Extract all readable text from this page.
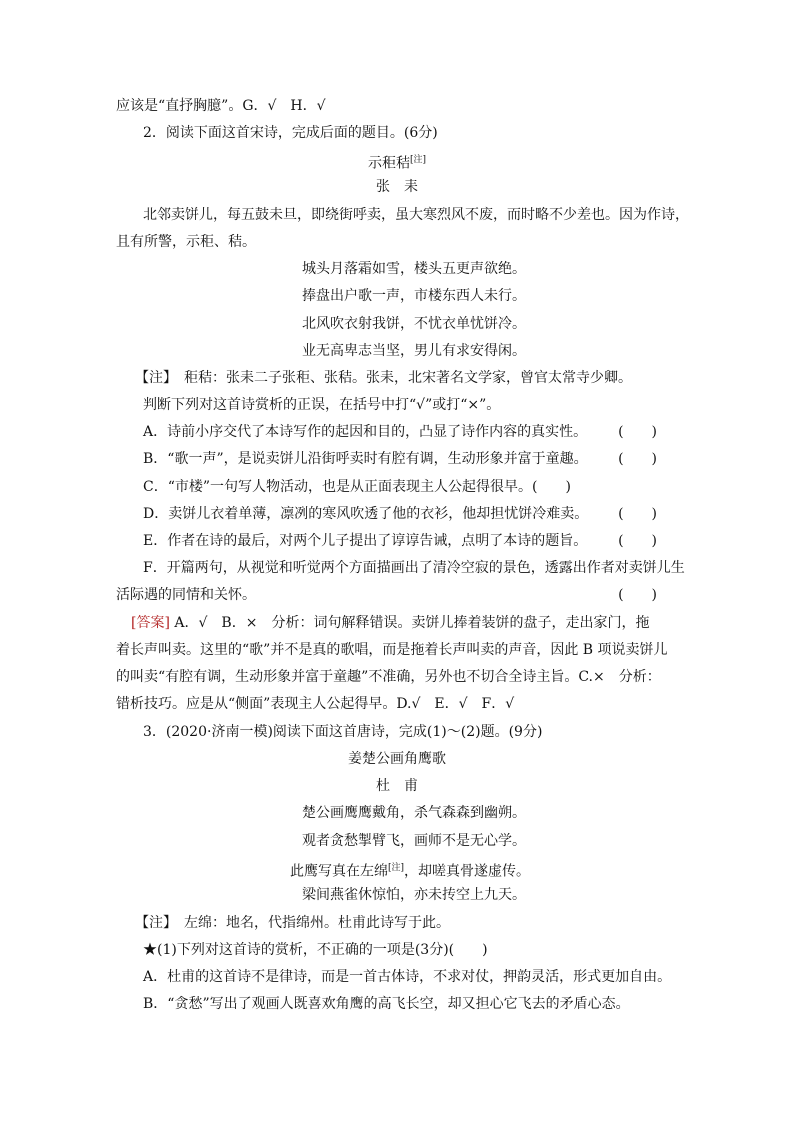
应该是“直抒胸臆”。G．√　H．√
2．阅读下面这首宋诗，完成后面的题目。(6分)
示秬秸[注]
张　耒
北邻卖饼儿，每五鼓未旦，即绕街呼卖，虽大寒烈风不废，而时略不少差也。因为作诗，
且有所警，示秬、秸。
城头月落霜如雪，楼头五更声欲绝。
捧盘出户歌一声，市楼东西人未行。
北风吹衣射我饼，不忧衣单忧饼冷。
业无高卑志当坚，男儿有求安得闲。
【注】　秬秸：张耒二子张秬、张秸。张耒，北宋著名文学家，曾官太常寺少卿。
判断下列对这首诗赏析的正误，在括号中打“√”或打“×”。
A．诗前小序交代了本诗写作的起因和目的，凸显了诗作内容的真实性。 (　　)
B．“歌一声”，是说卖饼儿沿街呼卖时有腔有调，生动形象并富于童趣。 (　　)
C．“市楼”一句写人物活动，也是从正面表现主人公起得很早。(　　)
D．卖饼儿衣着单薄，凛冽的寒风吹透了他的衣衫，他却担忧饼冷难卖。 (　　)
E．作者在诗的最后，对两个儿子提出了谆谆告诫，点明了本诗的题旨。 (　　)
F．开篇两句，从视觉和听觉两个方面描画出了清冷空寂的景色，透露出作者对卖饼儿生
活际遇的同情和关怀。	(　　)
[答案] A．√　B．×　分析：词句解释错误。卖饼儿捧着装饼的盘子，走出家门，拖
着长声叫卖。这里的“歌”并不是真的歌唱，而是拖着长声叫卖的声音，因此 B 项说卖饼儿
的叫卖“有腔有调，生动形象并富于童趣”不准确，另外也不切合全诗主旨。C.×　分析：
错析技巧。应是从“侧面”表现主人公起得早。D.√　E．√　F．√
3．(2020·济南一模)阅读下面这首唐诗，完成(1)～(2)题。(9分)
姜楚公画角鹰歌
杜　甫
楚公画鹰鹰戴角，杀气森森到幽朔。
观者贪愁掣臂飞，画师不是无心学。
此鹰写真在左绵[注]，却嗟真骨遂虚传。
梁间燕雀休惊怕，亦未抟空上九天。
【注】　左绵：地名，代指绵州。杜甫此诗写于此。
★(1)下列对这首诗的赏析，不正确的一项是(3分)(　　)
A．杜甫的这首诗不是律诗，而是一首古体诗，不求对仗，押韵灵活，形式更加自由。
B．“贪愁”写出了观画人既喜欢角鹰的高飞长空，却又担心它飞去的矛盾心态。
